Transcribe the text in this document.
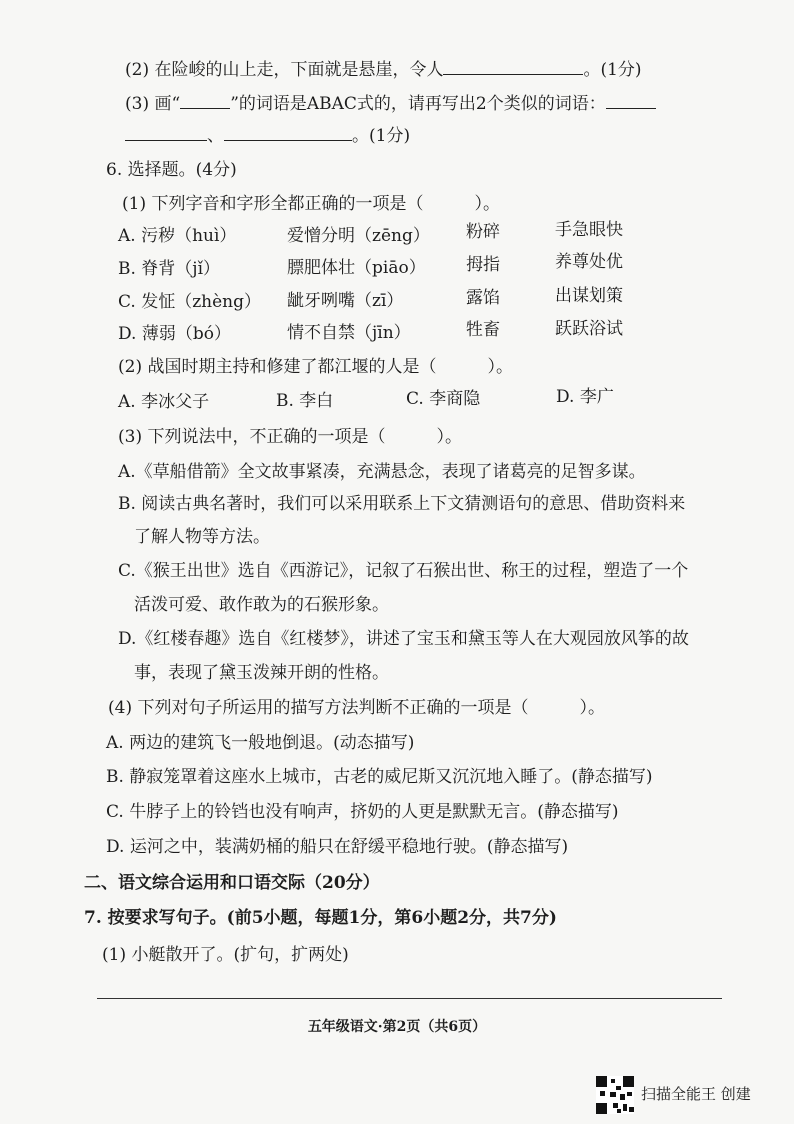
(2) 在险峻的山上走，下面就是悬崖，令人	。(1分)
(3) 画“	”的词语是ABAC式的，请再写出2个类似的词语：
、	。(1分)
6. 选择题。(4分)
(1) 下列字音和字形全都正确的一项是（　　　）。
A. 污秽（huì）	爱憎分明（zēng） 粉碎	手急眼快
B. 脊背（jǐ）	膘肥体壮（piāo） 拇指	养尊处优
C. 发怔（zhèng） 龇牙咧嘴（zī）	露馅	出谋划策
D. 薄弱（bó）	情不自禁（jīn）	牲畜	跃跃浴试
(2) 战国时期主持和修建了都江堰的人是（　　　）。
A. 李冰父子	B. 李白	C. 李商隐	D. 李广
(3) 下列说法中，不正确的一项是（　　　）。
A.《草船借箭》全文故事紧凑，充满悬念，表现了诸葛亮的足智多谋。
B. 阅读古典名著时，我们可以采用联系上下文猜测语句的意思、借助资料来
了解人物等方法。
C.《猴王出世》选自《西游记》，记叙了石猴出世、称王的过程，塑造了一个
活泼可爱、敢作敢为的石猴形象。
D.《红楼春趣》选自《红楼梦》，讲述了宝玉和黛玉等人在大观园放风筝的故
事，表现了黛玉泼辣开朗的性格。
(4) 下列对句子所运用的描写方法判断不正确的一项是（　　　）。
A. 两边的建筑飞一般地倒退。(动态描写)
B. 静寂笼罩着这座水上城市，古老的威尼斯又沉沉地入睡了。(静态描写)
C. 牛脖子上的铃铛也没有响声，挤奶的人更是默默无言。(静态描写)
D. 运河之中，装满奶桶的船只在舒缓平稳地行驶。(静态描写)
二、语文综合运用和口语交际（20分）
7. 按要求写句子。(前5小题，每题1分，第6小题2分，共7分)
(1) 小艇散开了。(扩句，扩两处)
五年级语文·第2页（共6页）
扫描全能王 创建
